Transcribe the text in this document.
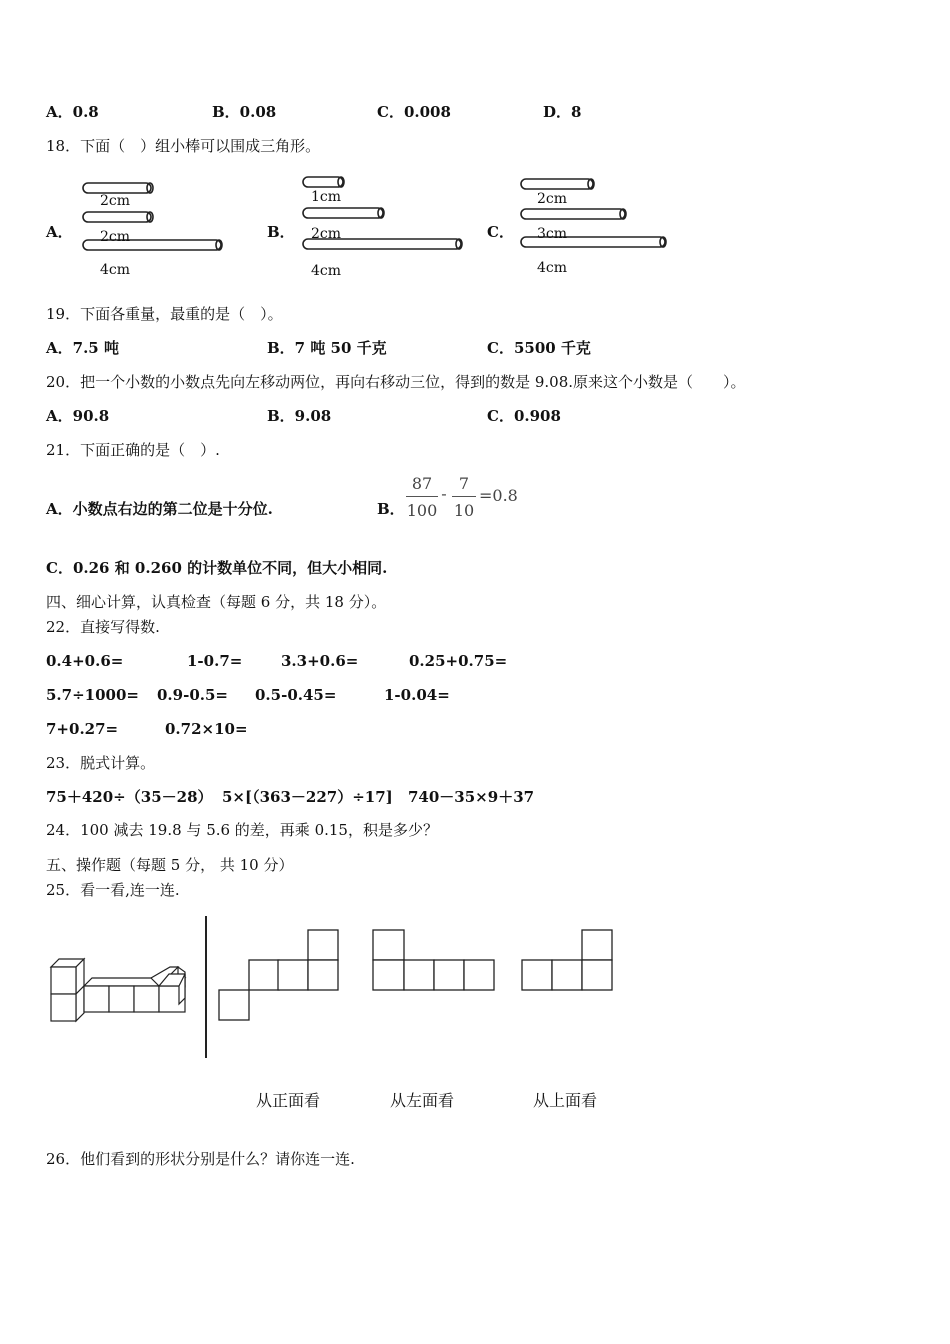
A．0.8	B．0.08	C．0.008	D．8
18．下面（　）组小棒可以围成三角形。
A．
2cm
2cm
4cm
B．
1cm
2cm
4cm
C．
2cm
3cm
4cm
19．下面各重量，最重的是（　）。
A．7.5 吨	B．7 吨 50 千克	C．5500 千克
20．把一个小数的小数点先向左移动两位，再向右移动三位，得到的数是 9.08.原来这个小数是（　　）。
A．90.8	B．9.08	C．0.908
21．下面正确的是（　）.
A．小数点右边的第二位是十分位.	B．
87
100
-
7
10
=0.8
C．0.26 和 0.260 的计数单位不同，但大小相同.
四、细心计算，认真检查（每题 6 分，共 18 分）。
22．直接写得数.
0.4+0.6=	1-0.7=	3.3+0.6=	0.25+0.75=
5.7÷1000= 0.9-0.5= 0.5-0.45=	1-0.04=
7+0.27=	0.72×10=
23．脱式计算。
75＋420÷（35－28） 5×[（363－227）÷17] 740－35×9＋37
24．100 减去 19.8 与 5.6 的差，再乘 0.15，积是多少？
五、操作题（每题 5 分， 共 10 分）
25．看一看,连一连.
从正面看	从左面看	从上面看
26．他们看到的形状分别是什么？请你连一连.
